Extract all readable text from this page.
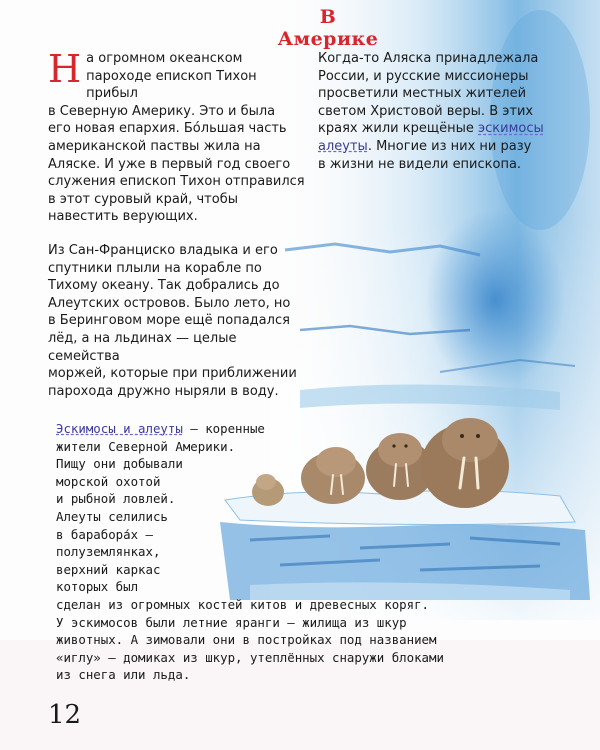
В Америке
Н а огромном океанском

пароходе епископ Тихон прибыл

в Северную Америку. Это и была

его новая епархия. Бо́льшая часть

американской паствы жила на

Аляске. И уже в первый год своего

служения епископ Тихон отправился

в этот суровый край, чтобы

навестить верующих.

Когда-то Аляска принадлежала

России, и русские миссионеры

просветили местных жителей

светом Христовой веры. В этих

краях жили крещёные эскимосы

алеуты. Многие из них ни разу

в жизни не видели епископа.

Из Сан-Франциско владыка и его

спутники плыли на корабле по

Тихому океану. Так добрались до

Алеутских островов. Было лето, но

в Беринговом море ещё попадался

лёд, а на льдинах — целые семейства

моржей, которые при приближении

парохода дружно ныряли в воду.

Эскимосы и алеуты — коренные
жители Северной Америки.
Пищу они добывали
морской охотой
и рыбной ловлей.
Алеуты селились
в барабора́х —
полуземлянках,
верхний каркас
которых был
сделан из огромных костей китов и древесных коряг.
У эскимосов были летние яранги — жилища из шкур
животных. А зимовали они в постройках под названием
«иглу» — домиках из шкур, утеплённых снаружи блоками
из снега или льда.
12
